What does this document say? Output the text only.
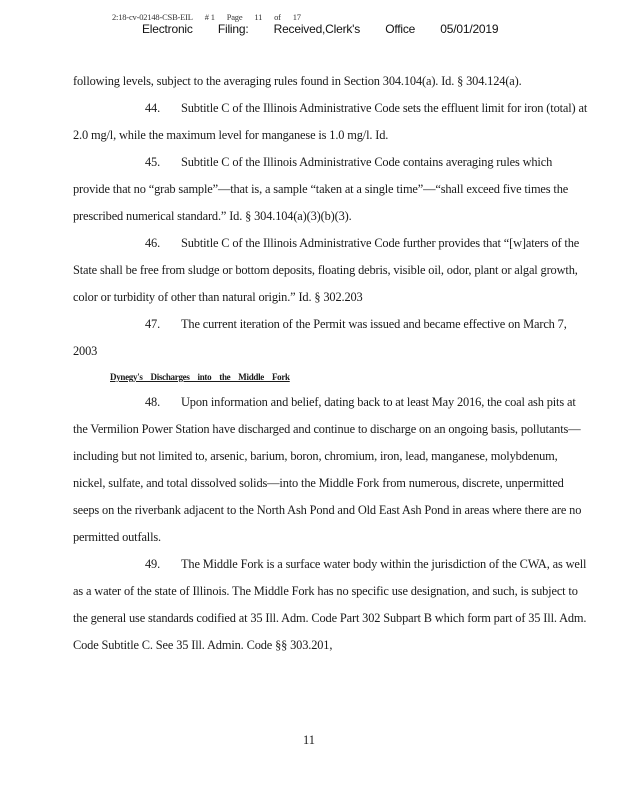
2:18-cv-02148-CSB-EIL # 1 Page 11 of 17
Electronic Filing: Received,Clerk's Office 05/01/2019

following levels, subject to the averaging rules found in Section 304.104(a). Id. § 304.124(a).

44. Subtitle C of the Illinois Administrative Code sets the effluent limit for iron (total) at 2.0 mg/l, while the maximum level for manganese is 1.0 mg/l. Id.

45. Subtitle C of the Illinois Administrative Code contains averaging rules which provide that no “grab sample”—that is, a sample “taken at a single time”—“shall exceed five times the prescribed numerical standard.” Id. § 304.104(a)(3)(b)(3).

46. Subtitle C of the Illinois Administrative Code further provides that “[w]aters of the State shall be free from sludge or bottom deposits, floating debris, visible oil, odor, plant or algal growth, color or turbidity of other than natural origin.” Id. § 302.203

47. The current iteration of the Permit was issued and became effective on March 7, 2003

Dynegy's Discharges into the Middle Fork

48. Upon information and belief, dating back to at least May 2016, the coal ash pits at the Vermilion Power Station have discharged and continue to discharge on an ongoing basis, pollutants—including but not limited to, arsenic, barium, boron, chromium, iron, lead, manganese, molybdenum, nickel, sulfate, and total dissolved solids—into the Middle Fork from numerous, discrete, unpermitted seeps on the riverbank adjacent to the North Ash Pond and Old East Ash Pond in areas where there are no permitted outfalls.

49. The Middle Fork is a surface water body within the jurisdiction of the CWA, as well as a water of the state of Illinois. The Middle Fork has no specific use designation, and such, is subject to the general use standards codified at 35 Ill. Adm. Code Part 302 Subpart B which form part of 35 Ill. Adm. Code Subtitle C. See 35 Ill. Admin. Code §§ 303.201,

11
